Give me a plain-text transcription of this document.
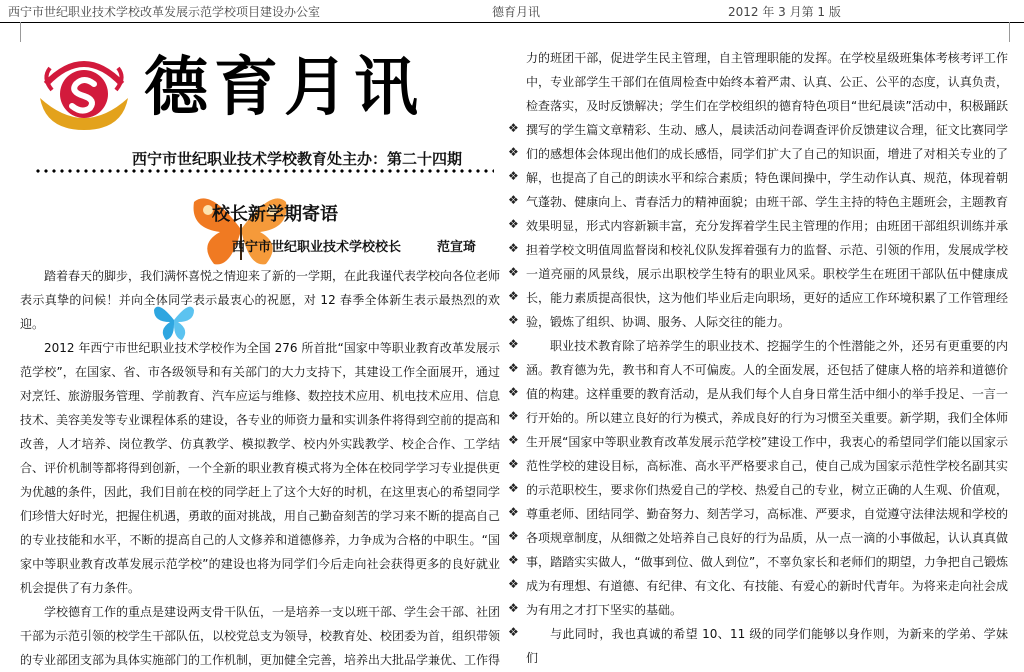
西宁市世纪职业技术学校改革发展示范学校项目建设办公室	德育月讯	2012 年 3 月第 1 版
德育月讯
西宁市世纪职业技术学校教育处主办：第二十四期
校长新学期寄语
西宁市世纪职业技术学校校长	范宣琦

踏着春天的脚步，我们满怀喜悦之情迎来了新的一学期，在此我谨代表学校向各位老师表示真挚的问候！并向全体同学表示最衷心的祝愿，对 12 春季全体新生表示最热烈的欢迎。

2012 年西宁市世纪职业技术学校作为全国 276 所首批“国家中等职业教育改革发展示范学校”，在国家、省、市各级领导和有关部门的大力支持下，其建设工作全面展开，通过对烹饪、旅游服务管理、学前教育、汽车应运与维修、数控技术应用、机电技术应用、信息技术、美容美发等专业课程体系的建设，各专业的师资力量和实训条件将得到空前的提高和改善，人才培养、岗位教学、仿真教学、模拟教学、校内外实践教学、校企合作、工学结合、评价机制等都将得到创新，一个全新的职业教育模式将为全体在校同学学习专业提供更为优越的条件，因此，我们目前在校的同学赶上了这个大好的时机，在这里衷心的希望同学们珍惜大好时光，把握住机遇，勇敢的面对挑战，用自己勤奋刻苦的学习来不断的提高自己的专业技能和水平，不断的提高自己的人文修养和道德修养，力争成为合格的中职生。“国家中等职业教育改革发展示范学校”的建设也将为同学们今后走向社会获得更多的良好就业机会提供了有力条件。

学校德育工作的重点是建设两支骨干队伍，一是培养一支以班干部、学生会干部、社团干部为示范引领的校学生干部队伍，以校党总支为领导，校教育处、校团委为首，组织带领的专业部团支部为具体实施部门的工作机制，更加健全完善，培养出大批品学兼优、工作得

❖
❖
❖
❖
❖
❖
❖
❖
❖
❖
❖
❖
❖
❖
❖
❖
❖
❖
❖
❖
❖
❖

力的班团干部，促进学生民主管理，自主管理职能的发挥。在学校星级班集体考核考评工作中，专业部学生干部们在值周检查中始终本着严肃、认真、公正、公平的态度，认真负责，检查落实，及时反馈解决；学生们在学校组织的德育特色项目“世纪晨读”活动中，积极踊跃撰写的学生篇文章精彩、生动、感人，晨读活动问卷调查评价反馈建议合理，征文比赛同学们的感想体会体现出他们的成长感悟，同学们扩大了自己的知识面，增进了对相关专业的了解，也提高了自己的朗读水平和综合素质；特色课间操中，学生动作认真、规范，体现着朝气蓬勃、健康向上、青春活力的精神面貌；由班干部、学生主持的特色主题班会，主题教育效果明显，形式内容新颖丰富，充分发挥着学生民主管理的作用；由班团干部组织训练并承担着学校文明值周监督岗和校礼仪队发挥着强有力的监督、示范、引领的作用，发展成学校一道亮丽的风景线，展示出职校学生特有的职业风采。职校学生在班团干部队伍中健康成长，能力素质提高很快，这为他们毕业后走向职场，更好的适应工作环境积累了工作管理经验，锻炼了组织、协调、服务、人际交往的能力。

职业技术教育除了培养学生的职业技术、挖掘学生的个性潜能之外，还另有更重要的内涵。教育德为先，教书和育人不可偏废。人的全面发展，还包括了健康人格的培养和道德价值的构建。这样重要的教育活动，是从我们每个人自身日常生活中细小的举手投足、一言一行开始的。所以建立良好的行为模式，养成良好的行为习惯至关重要。新学期，我们全体师生开展“国家中等职业教育改革发展示范学校”建设工作中，我衷心的希望同学们能以国家示范性学校的建设目标，高标准、高水平严格要求自己，使自己成为国家示范性学校名副其实的示范职校生，要求你们热爱自己的学校、热爱自己的专业，树立正确的人生观、价值观，尊重老师、团结同学、勤奋努力、刻苦学习，高标准、严要求，自觉遵守法律法规和学校的各项规章制度，从细微之处培养自己良好的行为品质，从一点一滴的小事做起，认认真真做事，踏踏实实做人，“做事到位、做人到位”，不辜负家长和老师们的期望，力争把自己锻炼成为有理想、有道德、有纪律、有文化、有技能、有爱心的新时代青年。为将来走向社会成为有用之才打下坚实的基础。

与此同时，我也真诚的希望 10、11 级的同学们能够以身作则，为新来的学弟、学妹们
